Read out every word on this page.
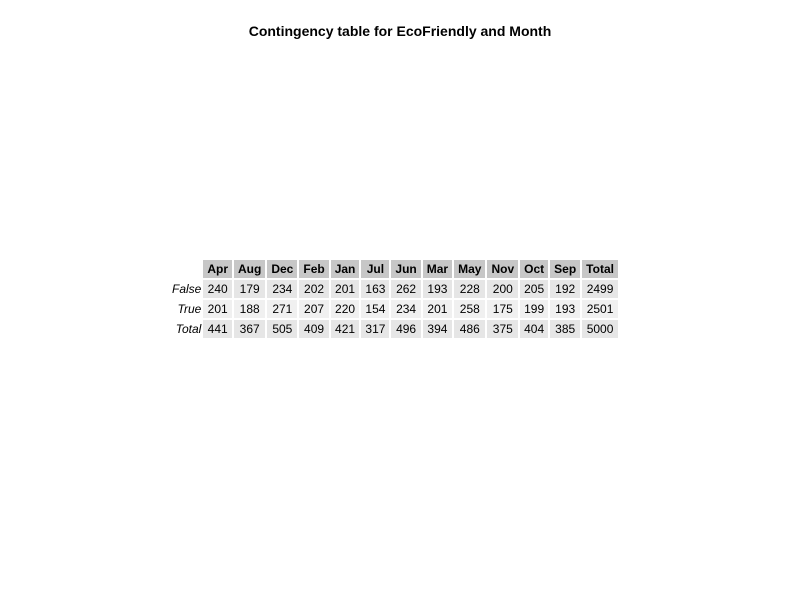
Contingency table for EcoFriendly and Month
	Apr	Aug	Dec	Feb	Jan	Jul	Jun	Mar	May	Nov	Oct	Sep	Total
False	240	179	234	202	201	163	262	193	228	200	205	192	2499
True	201	188	271	207	220	154	234	201	258	175	199	193	2501
Total	441	367	505	409	421	317	496	394	486	375	404	385	5000
